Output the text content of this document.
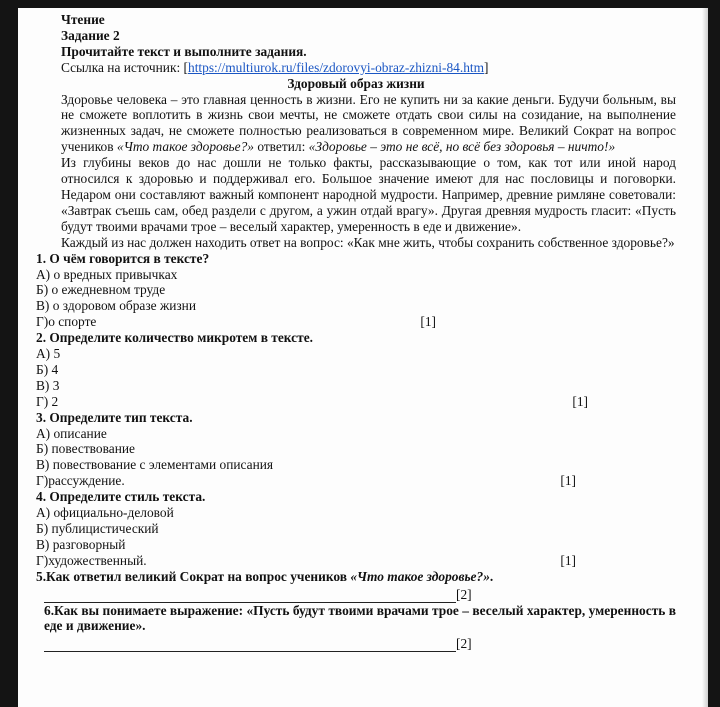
Чтение
Задание 2
Прочитайте текст и выполните задания.
Ссылка на источник: [https://multiurok.ru/files/zdorovyi-obraz-zhizni-84.htm]
Здоровый образ жизни
Здоровье человека – это главная ценность в жизни. Его не купить ни за какие деньги. Будучи больным, вы не сможете воплотить в жизнь свои мечты, не сможете отдать свои силы на созидание, на выполнение жизненных задач, не сможете полностью реализоваться в современном мире. Великий Сократ на вопрос учеников «Что такое здоровье?» ответил: «Здоровье – это не всё, но всё без здоровья – ничто!»
Из глубины веков до нас дошли не только факты, рассказывающие о том, как тот или иной народ относился к здоровью и поддерживал его. Большое значение имеют для нас пословицы и поговорки. Недаром они составляют важный компонент народной мудрости. Например, древние римляне советовали: «Завтрак съешь сам, обед раздели с другом, а ужин отдай врагу». Другая древняя мудрость гласит: «Пусть будут твоими врачами трое – веселый характер, умеренность в еде и движение».
Каждый из нас должен находить ответ на вопрос: «Как мне жить, чтобы сохранить собственное здоровье?»
1. О чём говорится в тексте?
А) о вредных привычках
Б) о ежедневном труде
В) о здоровом образе жизни
Г)о спорте	[1]
2. Определите количество микротем в тексте.
А) 5
Б) 4
В) 3
Г) 2	[1]
3. Определите тип текста.
А) описание
Б) повествование
В) повествование с элементами описания
Г)рассуждение.	[1]
4. Определите стиль текста.
А) официально-деловой
Б) публицистический
В) разговорный
Г)художественный.	[1]
5.Как ответил великий Сократ на вопрос учеников «Что такое здоровье?».
[2]
6.Как вы понимаете выражение: «Пусть будут твоими врачами трое – веселый характер, умеренность в еде и движение».
[2]
